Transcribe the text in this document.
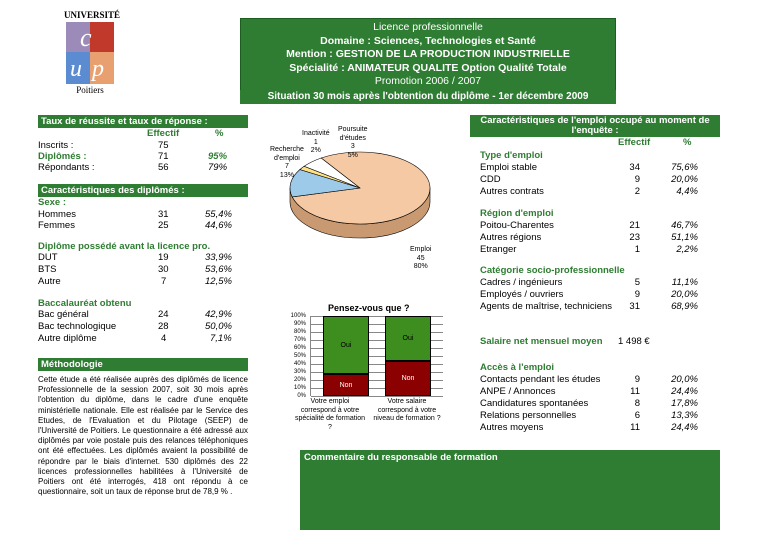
UNIVERSITÉ
c
u p
Poitiers
Licence professionnelle
Domaine : Sciences, Technologies et Santé
Mention : GESTION DE LA PRODUCTION INDUSTRIELLE
Spécialité : ANIMATEUR QUALITE Option Qualité Totale
Promotion 2006 / 2007
Situation 30 mois après l'obtention du diplôme - 1er décembre 2009
Taux de réussite et taux de réponse :
Effectif	%
Inscrits :	75
Diplômés :	71	95%
Répondants :	56	79%
Caractéristiques des diplômés :
Sexe :
Hommes	31	55,4%
Femmes	25	44,6%
Diplôme possédé avant la licence pro.
DUT	19	33,9%
BTS	30	53,6%
Autre	7	12,5%
Baccalauréat obtenu
Bac général	24	42,9%
Bac technologique	28	50,0%
Autre diplôme	4	7,1%
Méthodologie
Cette étude a été réalisée auprès des diplômés de licence Professionnelle de la session 2007, soit 30 mois après l'obtention du diplôme, dans le cadre d'une enquête ministérielle nationale. Elle est réalisée par le Service des Etudes, de l'Evaluation et du Pilotage (SEEP) de l'Université de Poitiers. Le questionnaire a été adressé aux diplômés par voie postale puis des relances téléphoniques ont été effectuées. Les diplômés avaient la possibilité de répondre par le biais d'internet. 530 diplômés des 22 licences professionnelles habilitées à l'Université de Poitiers ont été interrogés, 418 ont répondu à ce questionnaire, soit un taux de réponse brut de 78,9 % .
Inactivité
1
2%
Poursuite
d'études
3
5%
Recherche
d'emploi
7
13%
Emploi
45
80%
Pensez-vous que ?
100%
90%
80%
70%
60%
50%
40%
30%
20%
10%
0%
Oui
Non
Oui
Non
Votre emploi
correspond à votre
spécialité de formation
?
Votre salaire
correspond à votre
niveau de formation ?
Caractéristiques de l'emploi occupé au moment de
l'enquête :
Effectif	%
Type d'emploi
Emploi stable	34	75,6%
CDD	9	20,0%
Autres contrats	2	4,4%
Région d'emploi
Poitou-Charentes	21	46,7%
Autres régions	23	51,1%
Etranger	1	2,2%
Catégorie socio-professionnelle
Cadres / ingénieurs	5	11,1%
Employés / ouvriers	9	20,0%
Agents de maîtrise, techniciens	31	68,9%
Salaire net mensuel moyen 1 498 €
Accès à l'emploi
Contacts pendant les études	9	20,0%
ANPE / Annonces	11	24,4%
Candidatures spontanées	8	17,8%
Relations personnelles	6	13,3%
Autres moyens	11	24,4%
Commentaire du responsable de formation
